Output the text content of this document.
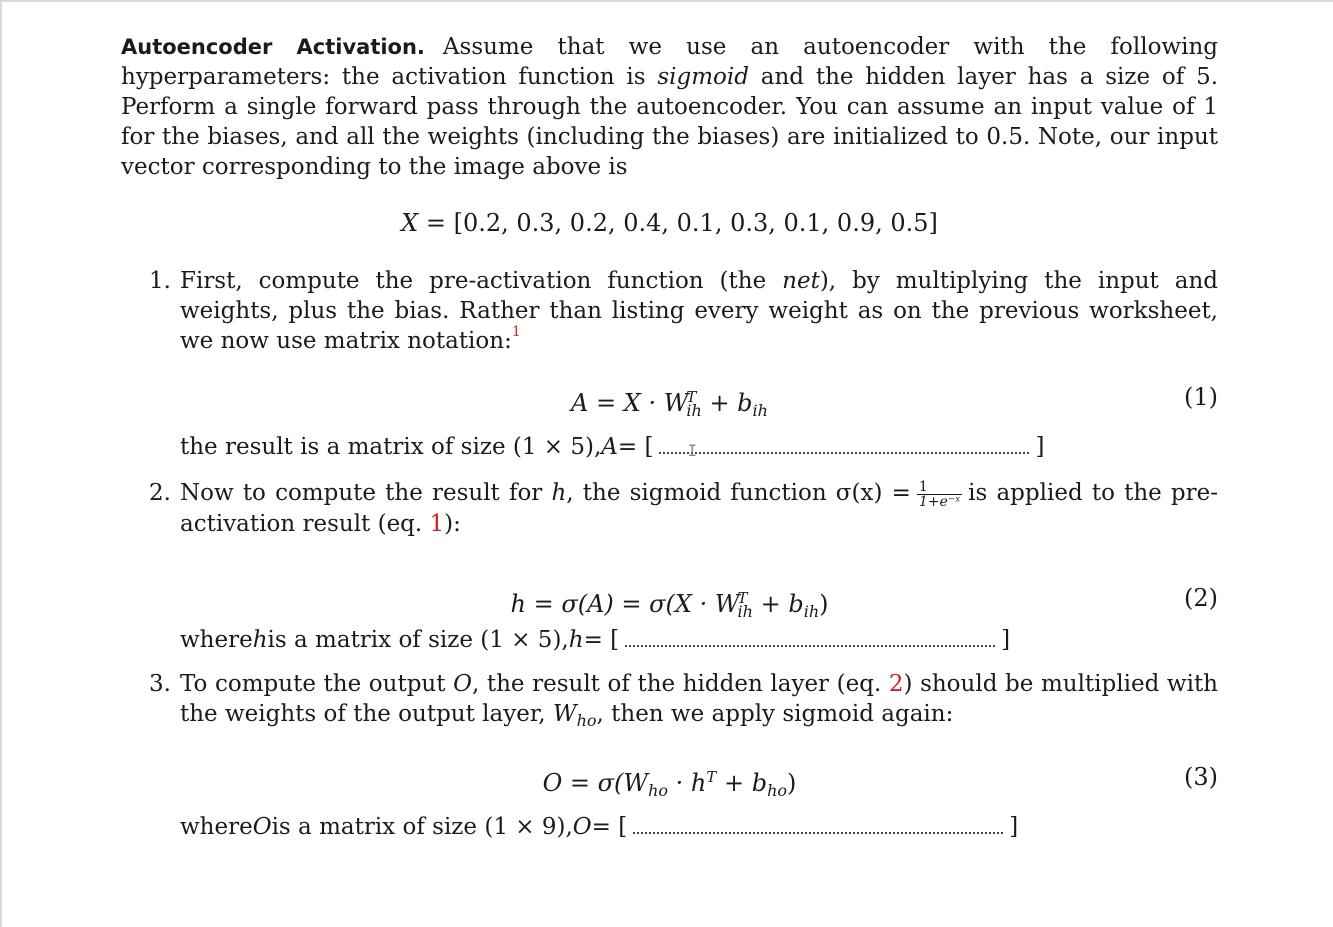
Autoencoder Activation. Assume that we use an autoencoder with the following hyperparameters: the activation function is sigmoid and the hidden layer has a size of 5. Perform a single forward pass through the autoencoder. You can assume an input value of 1 for the biases, and all the weights (including the biases) are initialized to 0.5. Note, our input vector corresponding to the image above is

X = [0.2, 0.3, 0.2, 0.4, 0.1, 0.3, 0.1, 0.9, 0.5]
1. First, compute the pre-activation function (the net), by multiplying the input and weights, plus the bias. Rather than listing every weight as on the previous worksheet, we now use matrix notation:$^1$

$A = X \cdot W^T_{ih} + b_{ih}$	(1)
the result is a matrix of size (1 × 5), A = [ I	]
2. Now to compute the result for h, the sigmoid function $\sigma(x) = \frac{1}{\text{1+e⁻ˣ}}$ is applied to the pre-activation result (eq. 1):

$h = \sigma(A) = \sigma(X \cdot W^T_{ih} + b_{ih})$	(2)
where h is a matrix of size (1 × 5), h = [	]
3. To compute the output O, the result of the hidden layer (eq. 2) should be multiplied with the weights of the output layer, $W_{ho}$, then we apply sigmoid again:

$O = \sigma(W_{ho} \cdot h^T + b_{ho})$	(3)
where O is a matrix of size (1 × 9), O = [	]
